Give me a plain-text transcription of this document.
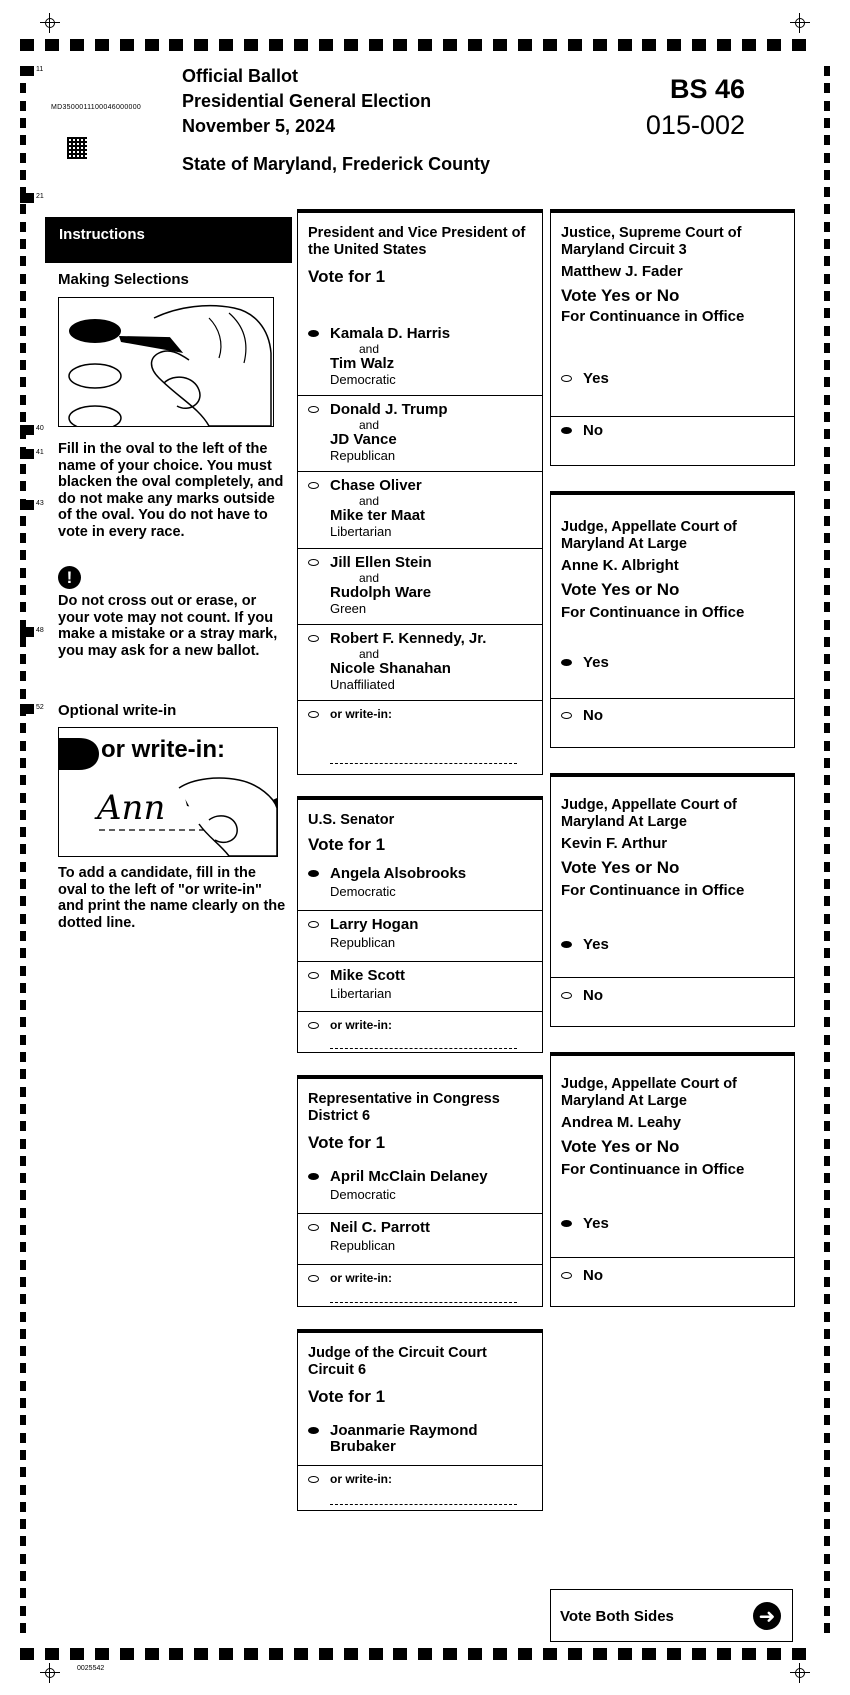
MD3500011100046000000
Official Ballot
Presidential General Election
November 5, 2024
State of Maryland, Frederick County
BS 46
015-002
11
21
40
41
43
48
52
Instructions
Making Selections
Fill in the oval to the left of the name of your choice. You must blacken the oval completely, and do not make any marks outside of the oval. You do not have to vote in every race.
!
Do not cross out or erase, or your vote may not count. If you make a mistake or a stray mark, you may ask for a new ballot.
Optional write-in
or write-in:
Ann
To add a candidate, fill in the oval to the left of "or write-in" and print the name clearly on the dotted line.
President and Vice President of the United States
Vote for 1
Kamala D. Harris
and
Tim Walz
Democratic
Donald J. Trump
and
JD Vance
Republican
Chase Oliver
and
Mike ter Maat
Libertarian
Jill Ellen Stein
and
Rudolph Ware
Green
Robert F. Kennedy, Jr.
and
Nicole Shanahan
Unaffiliated
or write-in:
U.S. Senator
Vote for 1
Angela Alsobrooks
Democratic
Larry Hogan
Republican
Mike Scott
Libertarian
or write-in:
Representative in Congress District 6
Vote for 1
April McClain Delaney
Democratic
Neil C. Parrott
Republican
or write-in:
Judge of the Circuit Court Circuit 6
Vote for 1
Joanmarie Raymond Brubaker
or write-in:
Justice, Supreme Court of Maryland Circuit 3
Matthew J. Fader
Vote Yes or No
For Continuance in Office
Yes
No
Judge, Appellate Court of Maryland At Large
Anne K. Albright
Vote Yes or No
For Continuance in Office
Yes
No
Judge, Appellate Court of Maryland At Large
Kevin F. Arthur
Vote Yes or No
For Continuance in Office
Yes
No
Judge, Appellate Court of Maryland At Large
Andrea M. Leahy
Vote Yes or No
For Continuance in Office
Yes
No
Vote Both Sides	➜
0025542
